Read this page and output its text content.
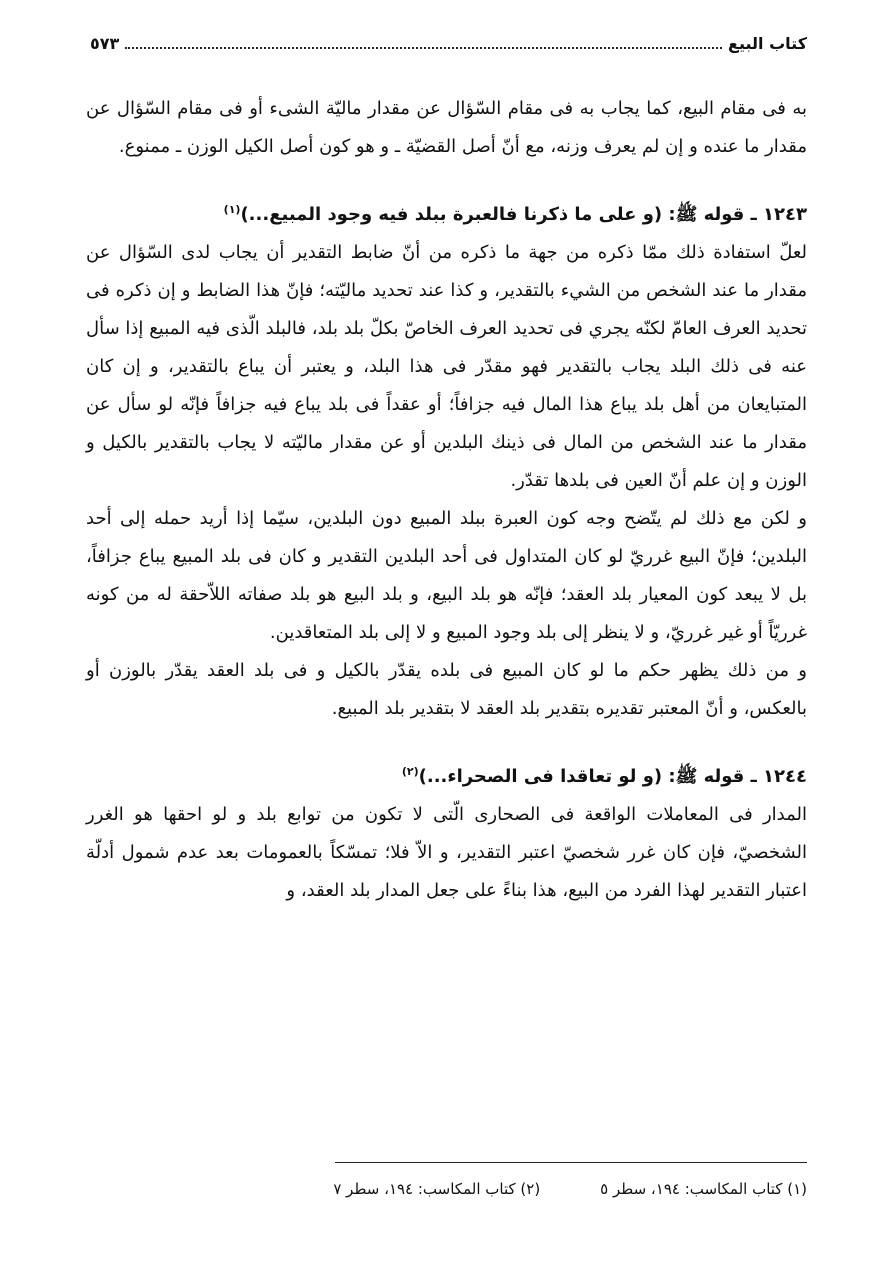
كتاب البيع
٥٧٣

به فى مقام البيع، كما يجاب به فى مقام السّؤال عن مقدار ماليّة الشىء أو فى مقام السّؤال عن مقدار ما عنده و إن لم يعرف وزنه، مع أنّ أصل القضيّة ـ و هو كون أصل الكيل الوزن ـ ممنوع.

١٢٤٣ ـ قوله ﷺ: (و على ما ذكرنا فالعبرة ببلد فيه وجود المبيع...)$^{(١)}$

لعلّ استفادة ذلك ممّا ذكره من جهة ما ذكره من أنّ ضابط التقدير أن يجاب لدى السّؤال عن مقدار ما عند الشخص من الشيء بالتقدير، و كذا عند تحديد ماليّته؛ فإنّ هذا الضابط و إن ذكره فى تحديد العرف العامّ لكنّه يجري فى تحديد العرف الخاصّ بكلّ بلد بلد، فالبلد الّذى فيه المبيع إذا سأل عنه فى ذلك البلد يجاب بالتقدير فهو مقدّر فى هذا البلد، و يعتبر أن يباع بالتقدير، و إن كان المتبايعان من أهل بلد يباع هذا المال فيه جزافاً؛ أو عقداً فى بلد يباع فيه جزافاً فإنّه لو سأل عن مقدار ما عند الشخص من المال فى ذينك البلدين أو عن مقدار ماليّته لا يجاب بالتقدير بالكيل و الوزن و إن علم أنّ العين فى بلدها تقدّر.

و لكن مع ذلك لم يتّضح وجه كون العبرة ببلد المبيع دون البلدين، سيّما إذا أريد حمله إلى أحد البلدين؛ فإنّ البيع غرريّ لو كان المتداول فى أحد البلدين التقدير و كان فى بلد المبيع يباع جزافاً، بل لا يبعد كون المعيار بلد العقد؛ فإنّه هو بلد البيع، و بلد البيع هو بلد صفاته اللاّحقة له من كونه غرريّاً أو غير غرريّ، و لا ينظر إلى بلد وجود المبيع و لا إلى بلد المتعاقدين.

و من ذلك يظهر حكم ما لو كان المبيع فى بلده يقدّر بالكيل و فى بلد العقد يقدّر بالوزن أو بالعكس، و أنّ المعتبر تقديره بتقدير بلد العقد لا بتقدير بلد المبيع.

١٢٤٤ ـ قوله ﷺ: (و لو تعاقدا فى الصحراء...)$^{(٢)}$

المدار فى المعاملات الواقعة فى الصحارى الّتى لا تكون من توابع بلد و لو احقها هو الغرر الشخصيّ، فإن كان غرر شخصيّ اعتبر التقدير، و الاّ فلا؛ تمسّكاً بالعمومات بعد عدم شمول أدلّة اعتبار التقدير لهذا الفرد من البيع، هذا بناءً على جعل المدار بلد العقد، و

(١) كتاب المكاسب: ١٩٤، سطر ٥
(٢) كتاب المكاسب: ١٩٤، سطر ٧
